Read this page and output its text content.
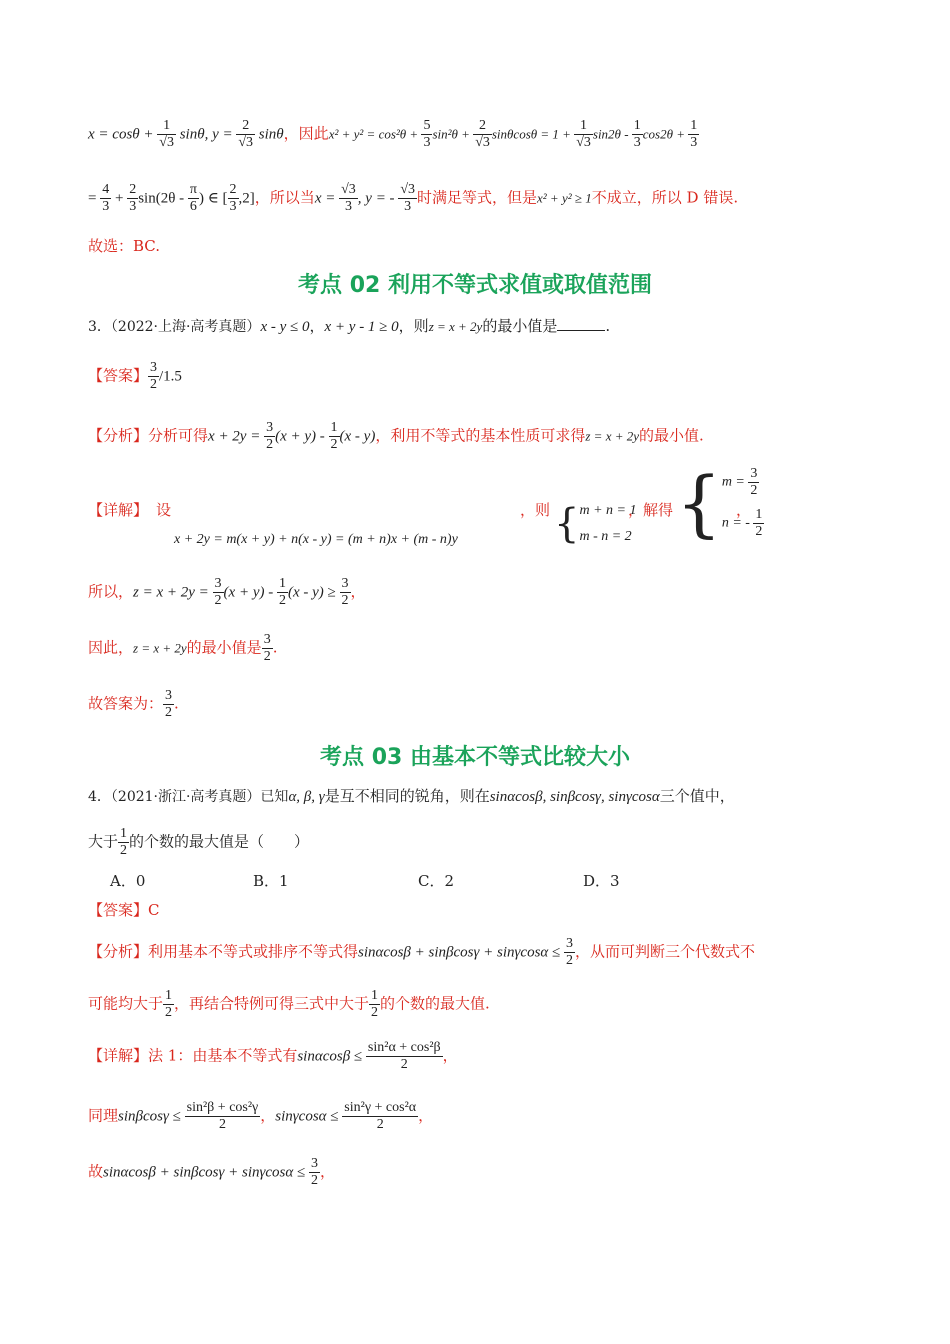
$x = \cos\theta + \frac{1}{√3} \sin\theta$, $y = \frac{2}{√3}$ sinθ，因此$x^2 + y^2 = \cos^2\theta + \frac{5}{3} \sin^2\theta + \frac{2}{√3}$ $\sin\theta\cos\theta = 1 + \frac{1}{√3} \sin 2\theta - \frac{1}{3} \cos 2\theta + \frac{1}{3}$
= $\frac{4}{3} + \frac{2}{3} \sin(2\theta - \frac{\pi}{6}$ ) ∈ [ $\frac{2}{3} ,2$]，所以当$x = \frac{√3}{3}$ , y = - $\frac{√3}{3}$ 时满足等式，但是x² + y² ≥ 1不成立，所以 D 错误.
故选：BC.
考点 02 利用不等式求值或取值范围
3．（2022·上海·高考真题）x - y ≤ 0，x + y - 1 ≥ 0，则z = x + 2y的最小值是	.
【答案】 $\frac{3}{2} /1.5$
【分析】分析可得$x + 2y = \frac{3}{2} (x + y) - \frac{1}{2} (x - y)$，利用不等式的基本性质可求得z = x + 2y的最小值.
【详解】 设
x + 2y = m(x + y) + n(x - y) = (m + n)x + (m - n)y
，则 { m + n = 1
m - n = 2
，解得 { $m = \frac{3}{2}$
n = - $\frac{1}{2}$
，
所以，$z = x + 2y = \frac{3}{2} (x + y) - \frac{1}{2} (x - y) \ge \frac{3}{2}$ ，
因此，z = x + 2y的最小值是 $\frac{3}{2}$ .
故答案为： $\frac{3}{2}$ .
考点 03 由基本不等式比较大小
4．（2021·浙江·高考真题）已知α, β, γ是互不相同的锐角，则在sinαcosβ, sinβcosγ, sinγcosα三个值中，
大于 $\frac{1}{2}$ 的个数的最大值是（　　）
A．0	B．1	C．2	D．3
【答案】C
【分析】利用基本不等式或排序不等式得$\sin\alpha\cos\beta + \sin\beta\cos\gamma + \sin\gamma\cos\alpha \le \frac{3}{2}$ ，从而可判断三个代数式不
可能均大于 $\frac{1}{2}$ ，再结合特例可得三式中大于 $\frac{1}{2}$ 的个数的最大值.
【详解】法 1：由基本不等式有$\sin\alpha\cos\beta \le \frac{\text{sin²α + cos²β}}{2}$ ，
同理$\sin\beta\cos\gamma \le \frac{\text{sin²β + cos²γ}}{2}$ ，$\sin\gamma\cos\alpha \le \frac{\text{sin²γ + cos²α}}{2}$ ，
故$\sin\alpha\cos\beta + \sin\beta\cos\gamma + \sin\gamma\cos\alpha \le \frac{3}{2}$ ，
